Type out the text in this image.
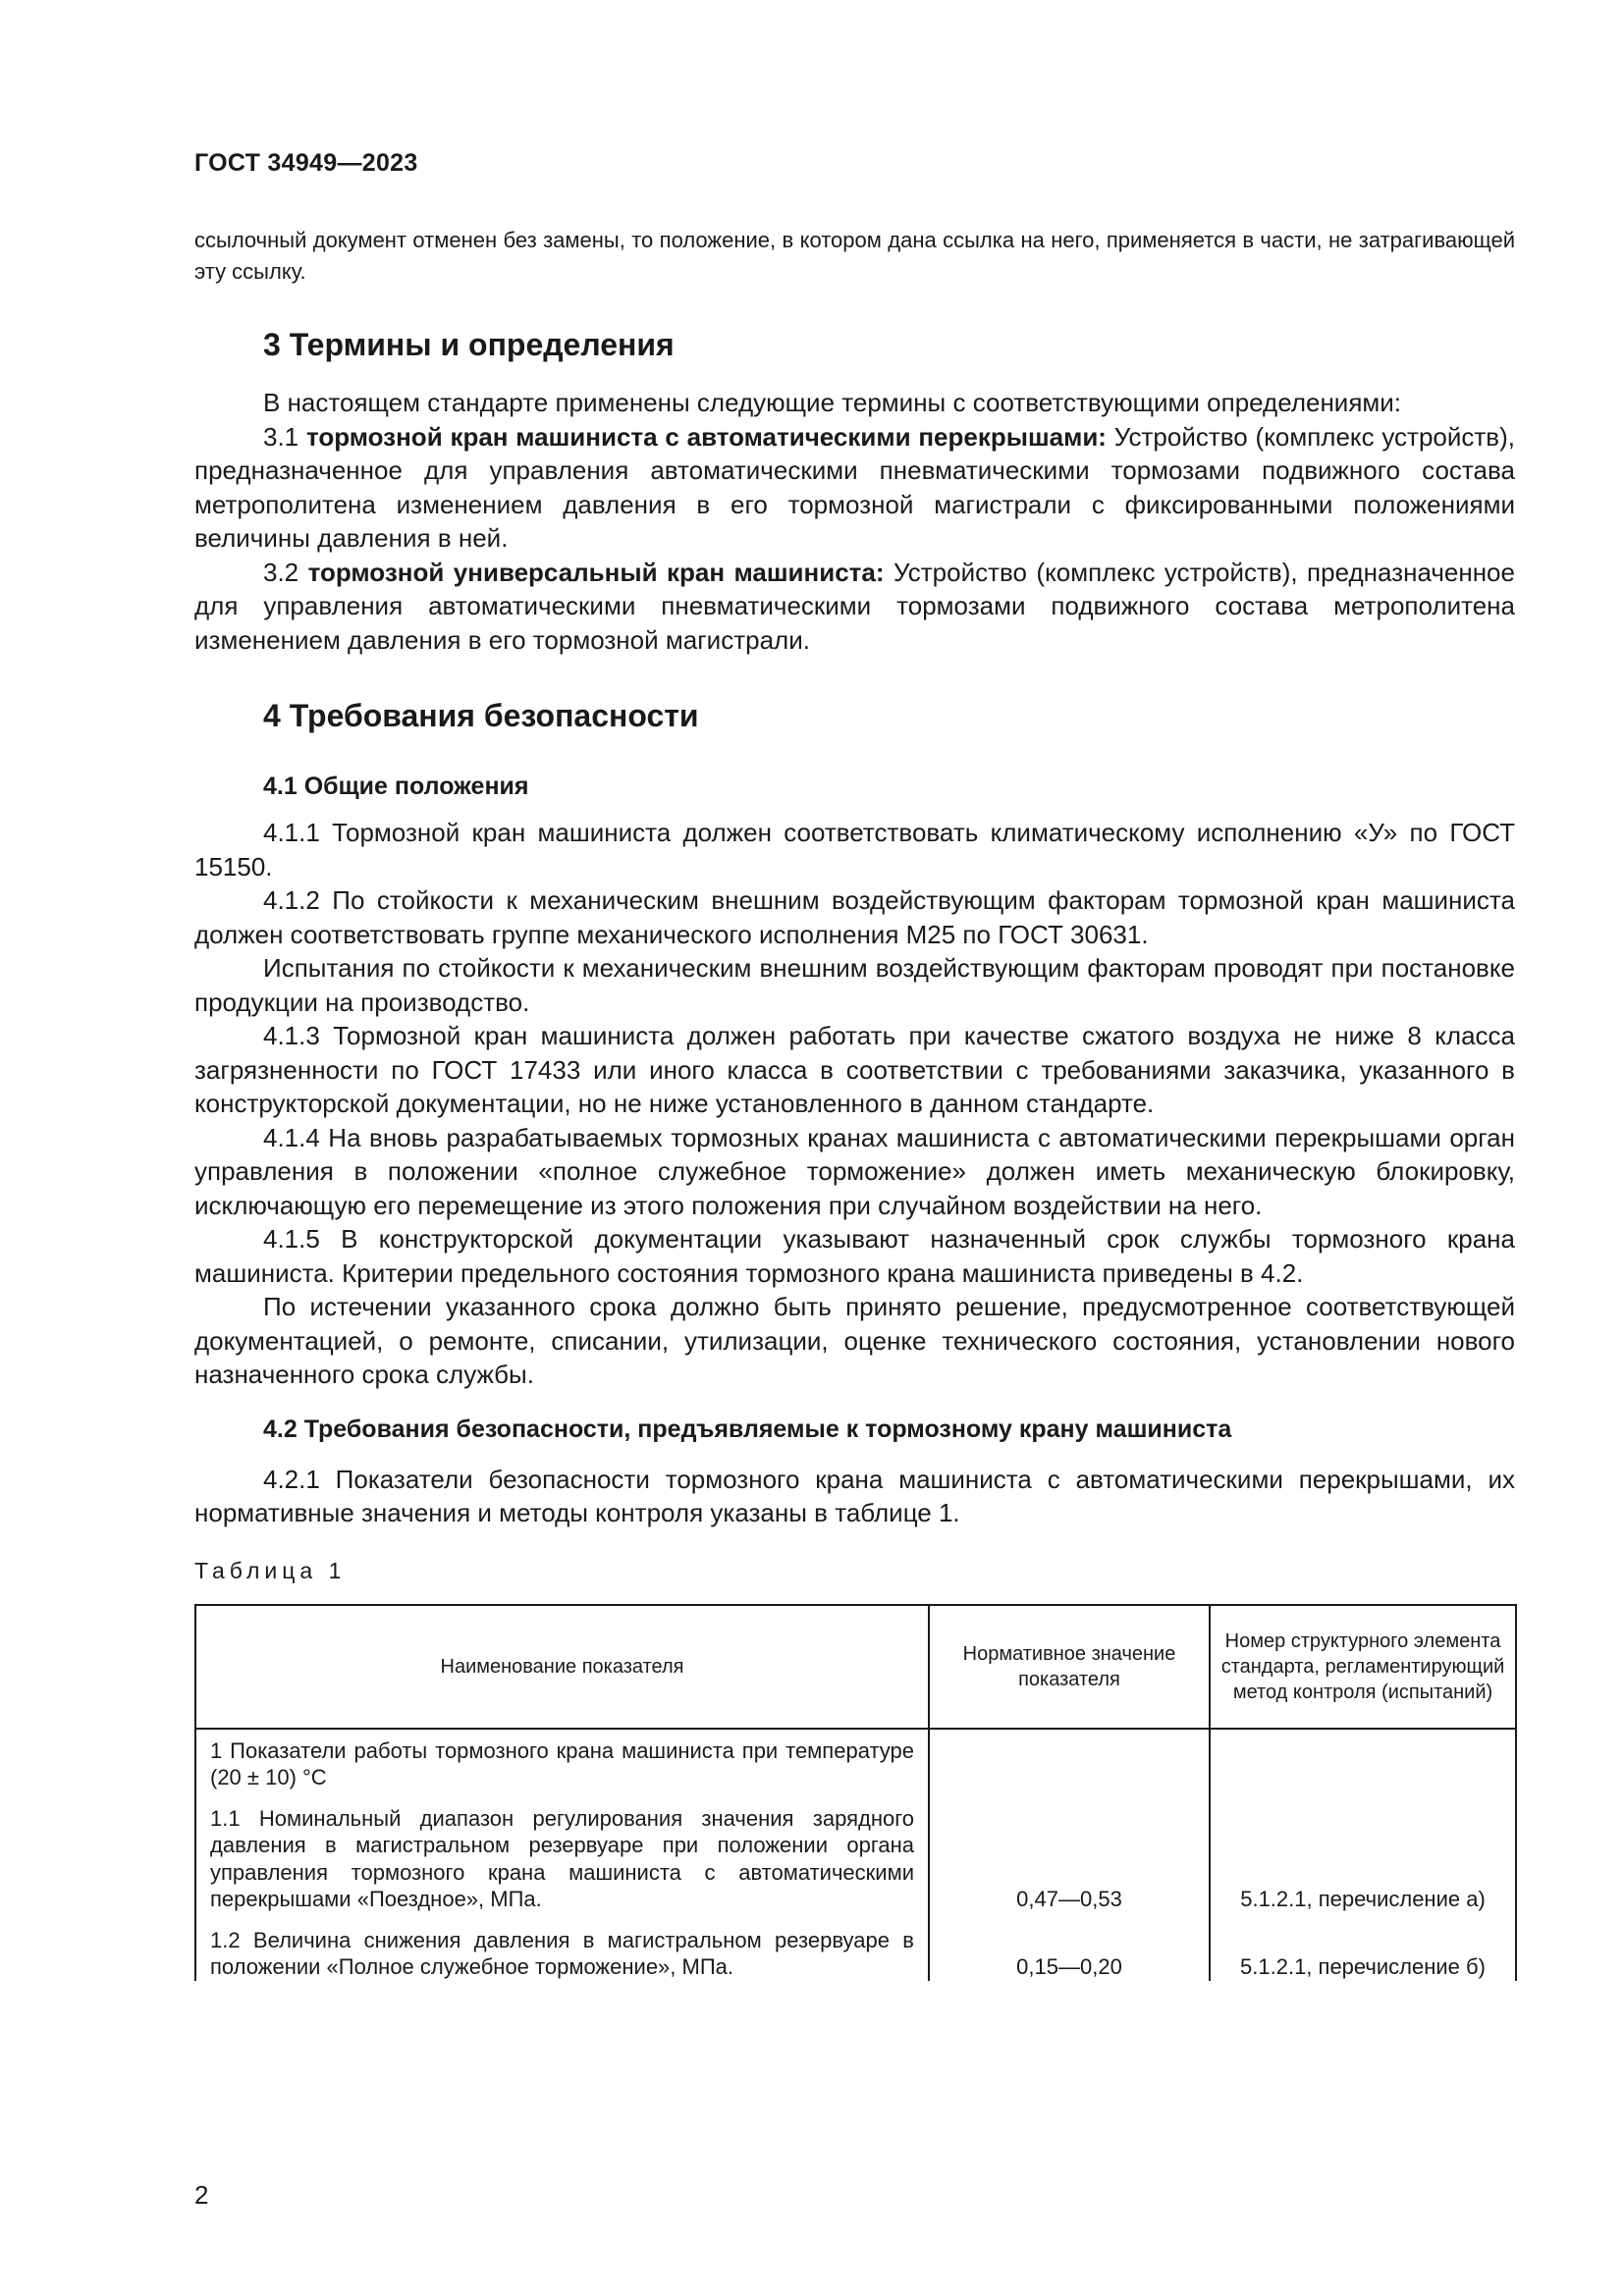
ГОСТ 34949—2023

ссылочный документ отменен без замены, то положение, в котором дана ссылка на него, применяется в части, не затрагивающей эту ссылку.

3 Термины и определения

В настоящем стандарте применены следующие термины с соответствующими определениями:

3.1 тормозной кран машиниста с автоматическими перекрышами: Устройство (комплекс устройств), предназначенное для управления автоматическими пневматическими тормозами подвижного состава метрополитена изменением давления в его тормозной магистрали с фиксированными положениями величины давления в ней.

3.2 тормозной универсальный кран машиниста: Устройство (комплекс устройств), предназначенное для управления автоматическими пневматическими тормозами подвижного состава метрополитена изменением давления в его тормозной магистрали.

4 Требования безопасности
4.1 Общие положения

4.1.1 Тормозной кран машиниста должен соответствовать климатическому исполнению «У» по ГОСТ 15150.

4.1.2 По стойкости к механическим внешним воздействующим факторам тормозной кран машиниста должен соответствовать группе механического исполнения М25 по ГОСТ 30631.

Испытания по стойкости к механическим внешним воздействующим факторам проводят при постановке продукции на производство.

4.1.3 Тормозной кран машиниста должен работать при качестве сжатого воздуха не ниже 8 класса загрязненности по ГОСТ 17433 или иного класса в соответствии с требованиями заказчика, указанного в конструкторской документации, но не ниже установленного в данном стандарте.

4.1.4 На вновь разрабатываемых тормозных кранах машиниста с автоматическими перекрышами орган управления в положении «полное служебное торможение» должен иметь механическую блокировку, исключающую его перемещение из этого положения при случайном воздействии на него.

4.1.5 В конструкторской документации указывают назначенный срок службы тормозного крана машиниста. Критерии предельного состояния тормозного крана машиниста приведены в 4.2.

По истечении указанного срока должно быть принято решение, предусмотренное соответствующей документацией, о ремонте, списании, утилизации, оценке технического состояния, установлении нового назначенного срока службы.

4.2 Требования безопасности, предъявляемые к тормозному крану машиниста

4.2.1 Показатели безопасности тормозного крана машиниста с автоматическими перекрышами, их нормативные значения и методы контроля указаны в таблице 1.

Таблица 1

Наименование показателя	Нормативное значение показателя	Номер структурного элемента стандарта, регламентирующий метод контроля (испытаний)

1 Показатели работы тормозного крана машиниста при температуре (20 ± 10) °С		

1.1 Номинальный диапазон регулирования значения зарядного давления в магистральном резервуаре при положении органа управления тормозного крана машиниста с автоматическими перекрышами «Поездное», МПа.	0,47—0,53	5.1.2.1, перечисление а)

1.2 Величина снижения давления в магистральном резервуаре в положении «Полное служебное торможение», МПа.	0,15—0,20	5.1.2.1, перечисление б)
2
